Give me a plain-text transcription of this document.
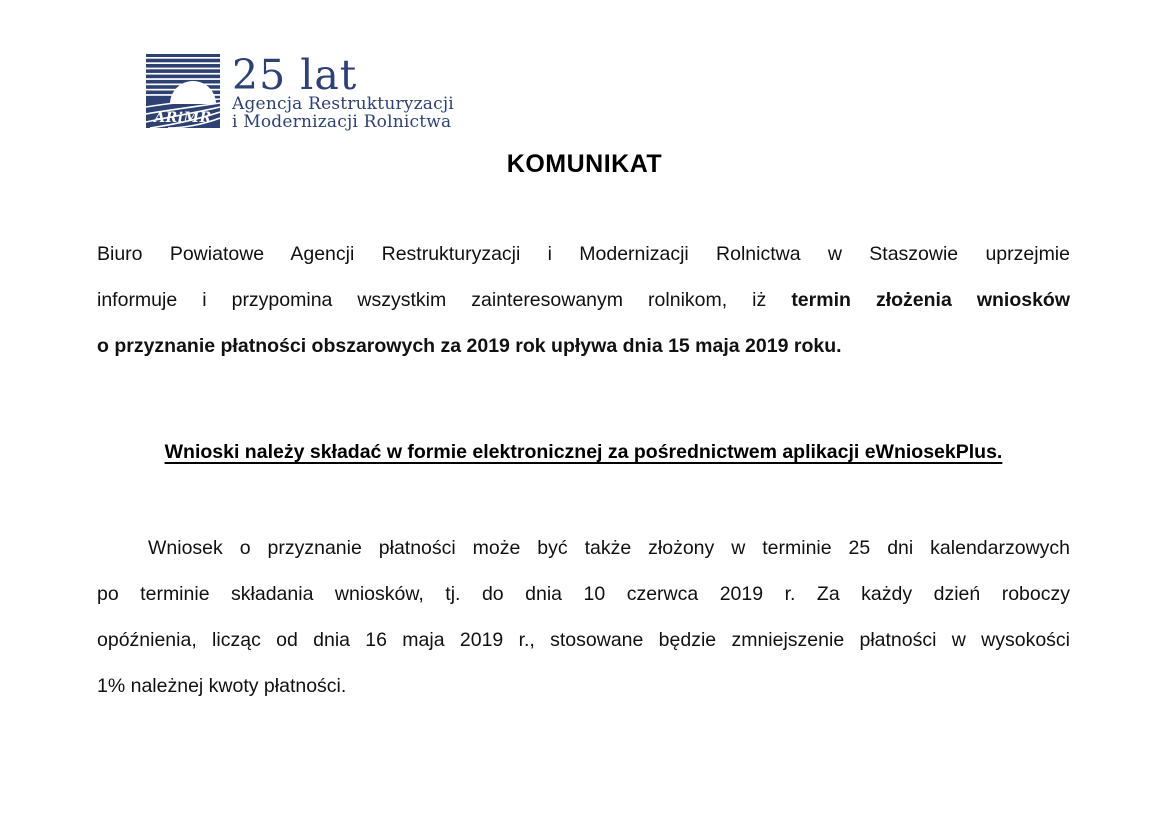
ARiMR
25 lat
Agencja Restrukturyzacji
i Modernizacji Rolnictwa
KOMUNIKAT
Biuro Powiatowe Agencji Restrukturyzacji i Modernizacji Rolnictwa w Staszowie uprzejmie
informuje i przypomina wszystkim zainteresowanym rolnikom, iż termin złożenia wniosków
o przyznanie płatności obszarowych za 2019 rok upływa dnia 15 maja 2019 roku.
Wnioski należy składać w formie elektronicznej za pośrednictwem aplikacji eWniosekPlus.
Wniosek o przyznanie płatności może być także złożony w terminie 25 dni kalendarzowych
po terminie składania wniosków, tj. do dnia 10 czerwca 2019 r. Za każdy dzień roboczy
opóźnienia, licząc od dnia 16 maja 2019 r., stosowane będzie zmniejszenie płatności w wysokości
1% należnej kwoty płatności.
